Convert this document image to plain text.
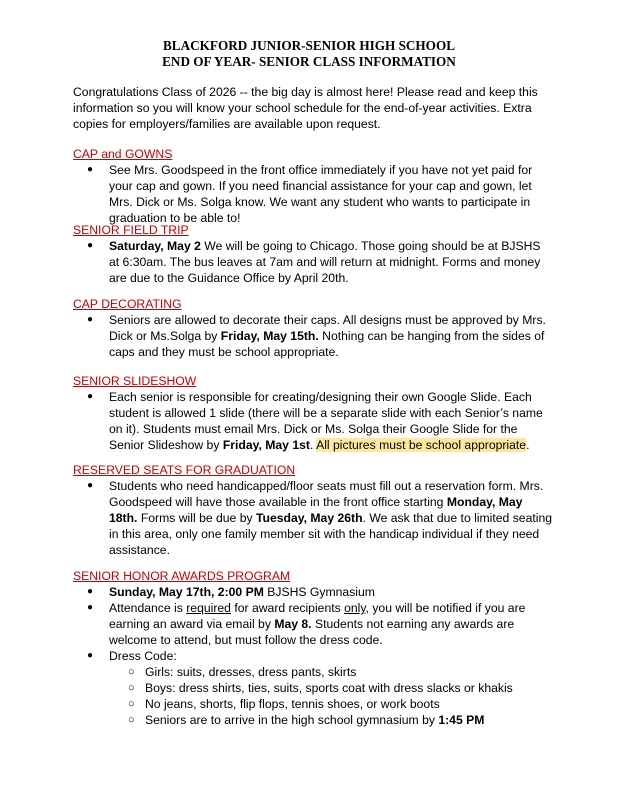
BLACKFORD JUNIOR-SENIOR HIGH SCHOOL
END OF YEAR- SENIOR CLASS INFORMATION
Congratulations Class of 2026 -- the big day is almost here! Please read and keep this information so you will know your school schedule for the end-of-year activities. Extra copies for employers/families are available upon request.
CAP and GOWNS
● See Mrs. Goodspeed in the front office immediately if you have not yet paid for your cap and gown. If you need financial assistance for your cap and gown, let Mrs. Dick or Ms. Solga know. We want any student who wants to participate in graduation to be able to!
SENIOR FIELD TRIP
● Saturday, May 2 We will be going to Chicago. Those going should be at BJSHS at 6:30am. The bus leaves at 7am and will return at midnight. Forms and money are due to the Guidance Office by April 20th.
CAP DECORATING
● Seniors are allowed to decorate their caps. All designs must be approved by Mrs. Dick or Ms.Solga by Friday, May 15th. Nothing can be hanging from the sides of caps and they must be school appropriate.
SENIOR SLIDESHOW
● Each senior is responsible for creating/designing their own Google Slide. Each student is allowed 1 slide (there will be a separate slide with each Senior’s name on it). Students must email Mrs. Dick or Ms. Solga their Google Slide for the Senior Slideshow by Friday, May 1st. All pictures must be school appropriate.
RESERVED SEATS FOR GRADUATION
● Students who need handicapped/floor seats must fill out a reservation form. Mrs. Goodspeed will have those available in the front office starting Monday, May 18th. Forms will be due by Tuesday, May 26th. We ask that due to limited seating in this area, only one family member sit with the handicap individual if they need assistance.
SENIOR HONOR AWARDS PROGRAM
● Sunday, May 17th, 2:00 PM BJSHS Gymnasium
● Attendance is required for award recipients only, you will be notified if you are earning an award via email by May 8. Students not earning any awards are welcome to attend, but must follow the dress code.
● Dress Code:
○ Girls: suits, dresses, dress pants, skirts
○ Boys: dress shirts, ties, suits, sports coat with dress slacks or khakis
○ No jeans, shorts, flip flops, tennis shoes, or work boots
○ Seniors are to arrive in the high school gymnasium by 1:45 PM
